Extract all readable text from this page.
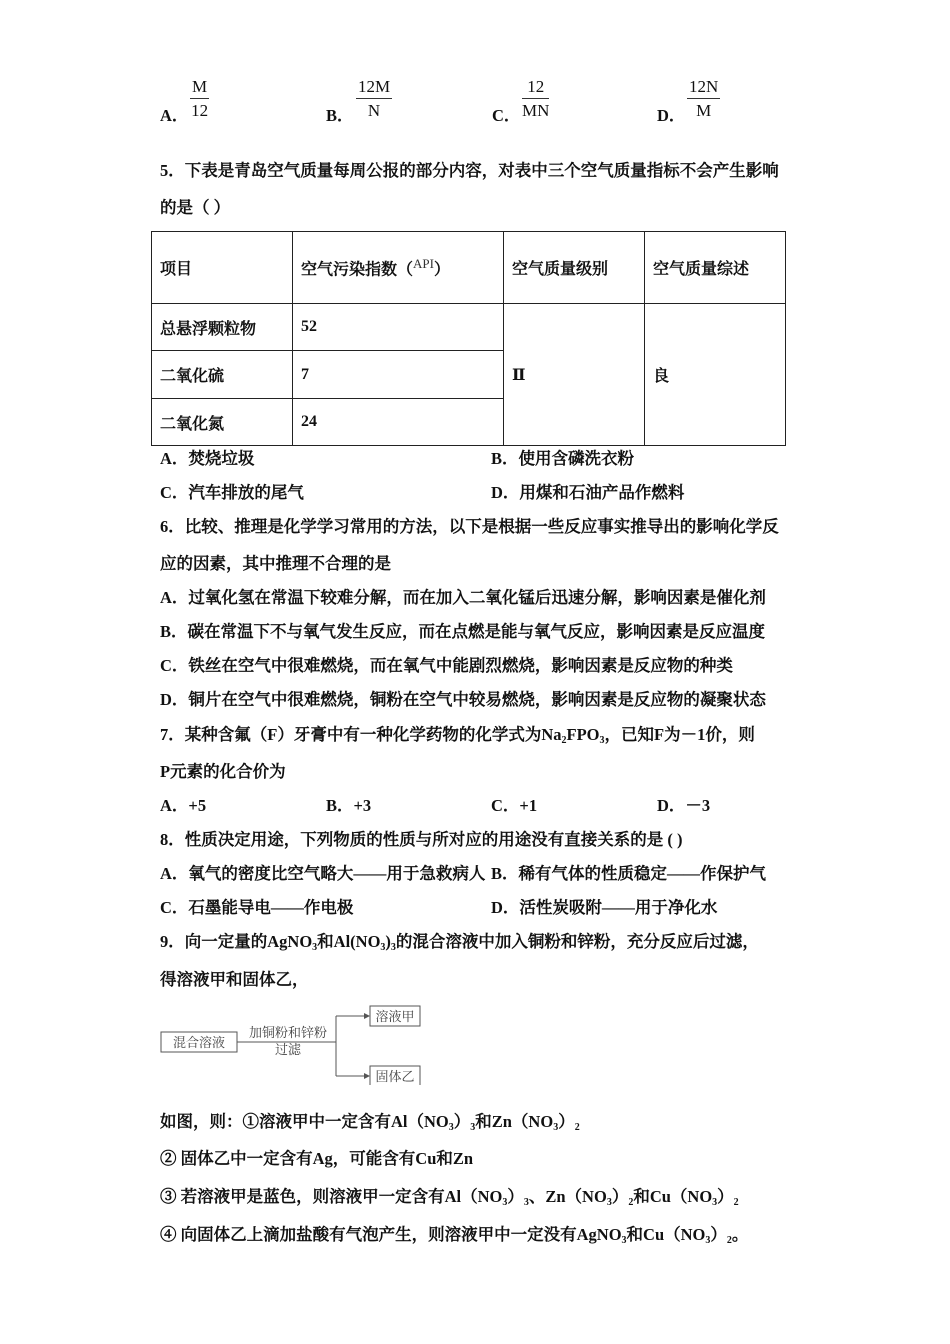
A． $\frac{M}{12}$	B． $\frac{12M}{N}$	C． $\frac{12}{MN}$	D． $\frac{12N}{M}$
5．下表是青岛空气质量每周公报的部分内容，对表中三个空气质量指标不会产生影响
的是（ ）
A．焚烧垃圾	B．使用含磷洗衣粉
C．汽车排放的尾气	D．用煤和石油产品作燃料
6．比较、推理是化学学习常用的方法，以下是根据一些反应事实推导出的影响化学反
应的因素，其中推理不合理的是
A．过氧化氢在常温下较难分解，而在加入二氧化锰后迅速分解，影响因素是催化剂
B．碳在常温下不与氧气发生反应，而在点燃是能与氧气反应，影响因素是反应温度
C．铁丝在空气中很难燃烧，而在氧气中能剧烈燃烧，影响因素是反应物的种类
D．铜片在空气中很难燃烧，铜粉在空气中较易燃烧，影响因素是反应物的凝聚状态
7．某种含氟（F）牙膏中有一种化学药物的化学式为$Na_2FPO_3$，已知F为－1价，则
P元素的化合价为
A．+5	B．+3	C．+1	D．－3
8．性质决定用途，下列物质的性质与所对应的用途没有直接关系的是 ( )
A．氧气的密度比空气略大——用于急救病人 B．稀有气体的性质稳定——作保护气
C．石墨能导电——作电极	D．活性炭吸附——用于净化水
9．向一定量的AgNO$_3$和$Al(NO_3)_3$的混合溶液中加入铜粉和锌粉，充分反应后过滤，
得溶液甲和固体乙，
如图，则：①溶液甲中一定含有$Al(NO_3)_3$和$Zn(NO_3)_2$
② 固体乙中一定含有Ag，可能含有Cu和Zn
③ 若溶液甲是蓝色，则溶液甲一定含有$Al(NO_3)_3$、$Zn(NO_3)_2$和$Cu(NO_3)_2$
④ 向固体乙上滴加盐酸有气泡产生，则溶液甲中一定没有AgNO$_3$和$Cu(NO_3)_2$。
项目	空气污染指数（$^{API}$）	空气质量级别	空气质量综述
总悬浮颗粒物	52	Ⅱ	良
二氧化硫	7		
二氧化氮	24		
混合溶液
加铜粉和锌粉
过滤
溶液甲
固体乙
